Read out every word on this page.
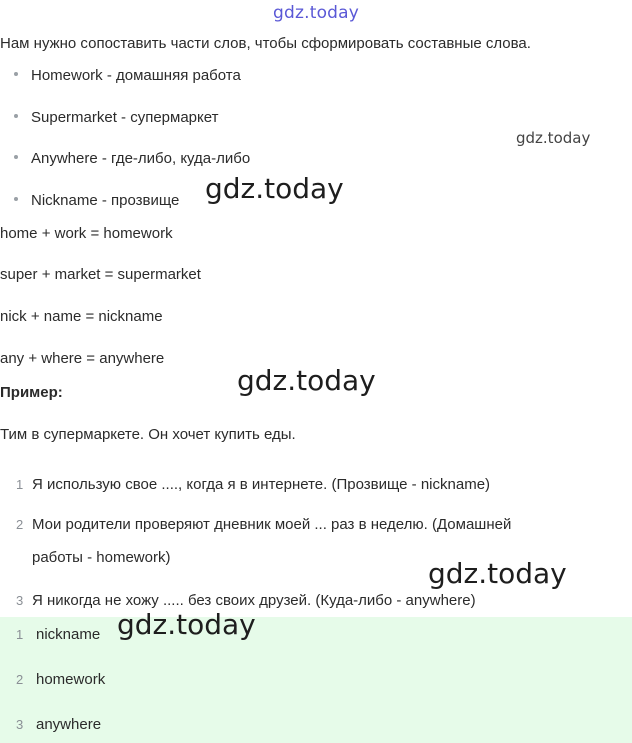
gdz.today
Нам нужно сопоставить части слов, чтобы сформировать составные слова.
Homework - домашняя работа
Supermarket - супермаркет
Anywhere - где-либо, куда-либо
Nickname - прозвище
gdz.today
gdz.today
home + work = homework
super + market = supermarket
nick + name = nickname
any + where = anywhere
gdz.today
Пример:
Тим в супермаркете. Он хочет купить еды.
1 Я использую свое ...., когда я в интернете. (Прозвище - nickname)
2 Мои родители проверяют дневник моей ... раз в неделю. (Домашней
работы - homework)	gdz.today
3 Я никогда не хожу ..... без своих друзей. (Куда-либо - anywhere)
1 nickname gdz.today
2 homework
3 anywhere
